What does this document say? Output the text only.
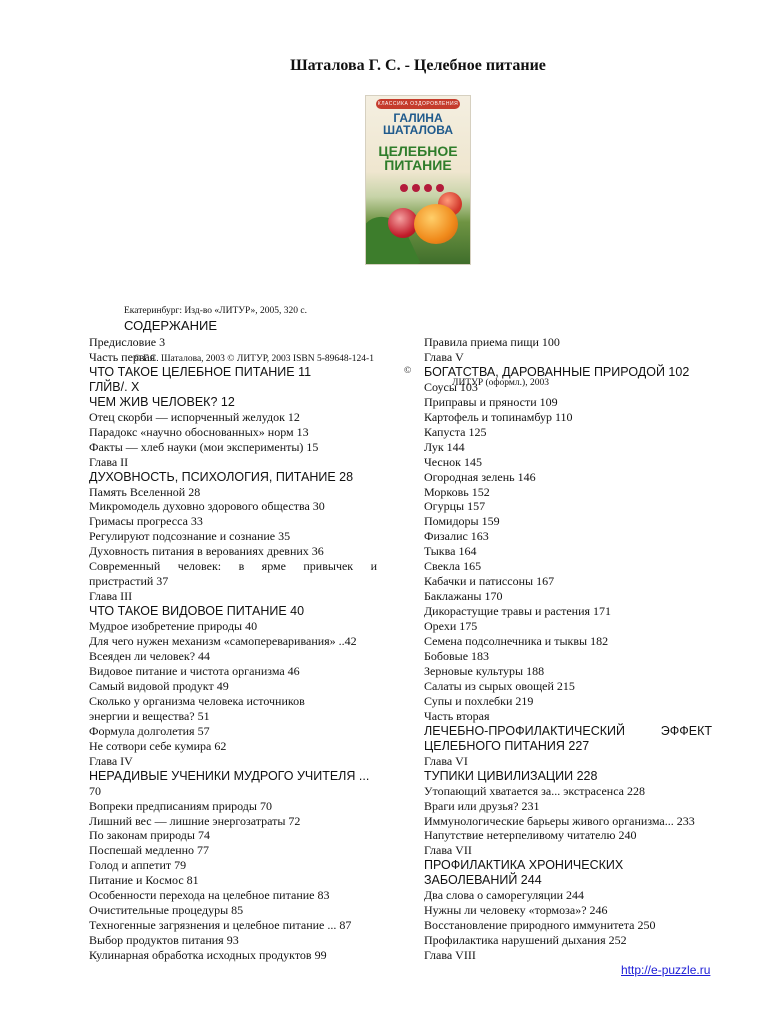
Шаталова Г. С. - Целебное питание
КЛАССИКА ОЗДОРОВЛЕНИЯ
ГАЛИНА
ШАТАЛОВА
ЦЕЛЕБНОЕ
ПИТАНИЕ

Екатеринбург: Изд-во «ЛИТУР», 2005, 320 с.

© Г.С. Шаталова, 2003 © ЛИТУР, 2003 ISBN 5-89648-124-1

©

ЛИТУР (оформл.), 2003

СОДЕРЖАНИЕ
Предисловие 3
Часть первая
ЧТО ТАКОЕ ЦЕЛЕБНОЕ ПИТАНИЕ 11
ГЛЙВ/. Х
ЧЕМ ЖИВ ЧЕЛОВЕК? 12
Отец скорби — испорченный желудок 12
Парадокс «научно обоснованных» норм 13
Факты — хлеб науки (мои эксперименты) 15
Глава II
ДУХОВНОСТЬ, ПСИХОЛОГИЯ, ПИТАНИЕ 28
Память Вселенной 28
Микромодель духовно здорового общества 30
Гримасы прогресса 33
Регулируют подсознание и сознание 35
Духовность питания в верованиях древних 36
Современный человек: в ярме привычек и
пристрастий 37
Глава III
ЧТО ТАКОЕ ВИДОВОЕ ПИТАНИЕ 40
Мудрое изобретение природы 40
Для чего нужен механизм «самопереваривания» ..42
Всеяден ли человек? 44
Видовое питание и чистота организма 46
Самый видовой продукт 49
Сколько у организма человека источников
энергии и вещества? 51
Формула долголетия 57
Не сотвори себе кумира 62
Глава IV
НЕРАДИВЫЕ УЧЕНИКИ МУДРОГО УЧИТЕЛЯ ...
70
Вопреки предписаниям природы 70
Лишний вес — лишние энергозатраты 72
По законам природы 74
Поспешай медленно 77
Голод и аппетит 79
Питание и Космос 81
Особенности перехода на целебное питание 83
Очистительные процедуры 85
Техногенные загрязнения и целебное питание ... 87
Выбор продуктов питания 93
Кулинарная обработка исходных продуктов 99
Правила приема пищи 100
Глава V
БОГАТСТВА, ДАРОВАННЫЕ ПРИРОДОЙ 102
Соусы 103
Приправы и пряности 109
Картофель и топинамбур 110
Капуста 125
Лук 144
Чеснок 145
Огородная зелень 146
Морковь 152
Огурцы 157
Помидоры 159
Физалис 163
Тыква 164
Свекла 165
Кабачки и патиссоны 167
Баклажаны 170
Дикорастущие травы и растения 171
Орехи 175
Семена подсолнечника и тыквы 182
Бобовые 183
Зерновые культуры 188
Салаты из сырых овощей 215
Супы и похлебки 219
Часть вторая
ЛЕЧЕБНО-ПРОФИЛАКТИЧЕСКИЙ	ЭФФЕКТ
ЦЕЛЕБНОГО ПИТАНИЯ 227
Глава VI
ТУПИКИ ЦИВИЛИЗАЦИИ 228
Утопающий хватается за... экстрасенса 228
Враги или друзья? 231
Иммунологические барьеры живого организма... 233
Напутствие нетерпеливому читателю 240
Глава VII
ПРОФИЛАКТИКА ХРОНИЧЕСКИХ
ЗАБОЛЕВАНИЙ 244
Два слова о саморегуляции 244
Нужны ли человеку «тормоза»? 246
Восстановление природного иммунитета 250
Профилактика нарушений дыхания 252
Глава VIII
http://e-puzzle.ru
